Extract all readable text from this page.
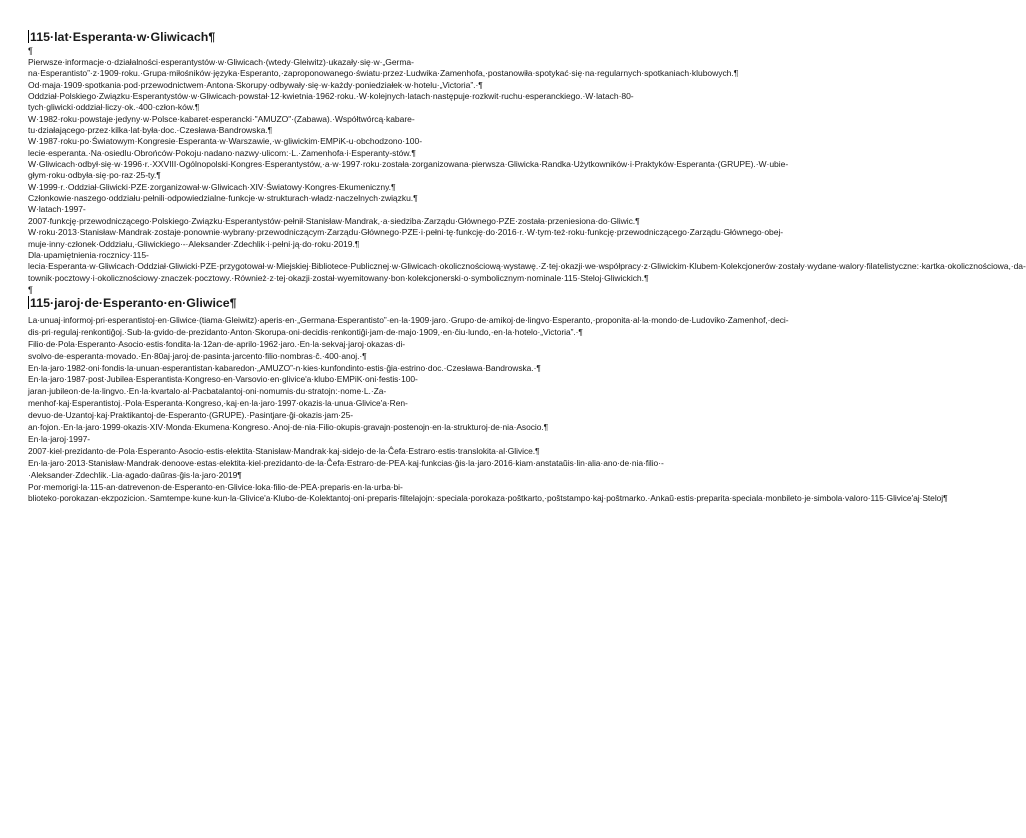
115·lat·Esperanta·w·Gliwicach¶

¶

Pierwsze·informacje·o·działalności·esperantystów·w·Gliwicach·(wtedy·Gleiwitz)·ukazały·się·w·„Germa-na·Esperantisto”·z·1909·roku.·Grupa·miłośników·języka·Esperanto,·zaproponowanego·światu·przez·Ludwika·Zamenhofa,·postanowiła·spotykać·się·na·regularnych·spotkaniach·klubowych.¶

Od·maja·1909·spotkania·pod·przewodnictwem·Antona·Skorupy·odbywały·się·w·każdy·poniedziałek·w·hotelu·„Victoria”.·¶

Oddział·Polskiego·Związku·Esperantystów·w·Gliwicach·powstał·12·kwietnia·1962·roku.·W·kolejnych·latach·następuje·rozkwit·ruchu·esperanckiego.·W·latach·80-tych·gliwicki·oddział·liczy·ok.·400·człon-ków.¶

W·1982·roku·powstaje·jedyny·w·Polsce·kabaret·esperancki·"AMUZO"·(Zabawa).·Współtwórcą·kabare-tu·działającego·przez·kilka·lat·była·doc.·Czesława·Bandrowska.¶

W·1987·roku·po·Światowym·Kongresie·Esperanta·w·Warszawie,·w·gliwickim·EMPiK-u·obchodzono·100-lecie·esperanta.·Na·osiedlu·Obrońców·Pokoju·nadano·nazwy·ulicom:·L.·Zamenhofa·i·Esperanty-stów.¶

W·Gliwicach·odbył·się·w·1996·r.·XXVIII·Ogólnopolski·Kongres·Esperantystów,·a·w·1997·roku·została·zorganizowana·pierwsza·Gliwicka·Randka·Użytkowników·i·Praktyków·Esperanta·(GRUPE).·W·ubie-głym·roku·odbyła·się·po·raz·25-ty.¶

W·1999·r.·Oddział·Gliwicki·PZE·zorganizował·w·Gliwicach·XIV·Światowy·Kongres·Ekumeniczny.¶

Członkowie·naszego·oddziału·pełnili·odpowiedzialne·funkcje·w·strukturach·władz·naczelnych·związku.¶

W·latach·1997-2007·funkcję·przewodniczącego·Polskiego·Związku·Esperantystów·pełnił·Stanisław·Mandrak,·a·siedziba·Zarządu·Głównego·PZE·została·przeniesiona·do·Gliwic.¶

W·roku·2013·Stanisław·Mandrak·zostaje·ponownie·wybrany·przewodniczącym·Zarządu·Głównego·PZE·i·pełni·tę·funkcję·do·2016·r.·W·tym·też·roku·funkcję·przewodniczącego·Zarządu·Głównego·obej-muje·inny·członek·Oddziału,·Gliwickiego·-·Aleksander·Zdechlik·i·pełni·ją·do·roku·2019.¶

Dla·upamiętnienia·rocznicy·115-lecia·Esperanta·w·Gliwicach·Oddział·Gliwicki·PZE·przygotował·w·Miejskiej·Bibliotece·Publicznej·w·Gliwicach·okolicznościową·wystawę.·Z·tej·okazji·we·współpracy·z·Gliwickim·Klubem·Kolekcjonerów·zostały·wydane·walory·filatelistyczne:·kartka·okolicznościowa,·da-townik·pocztowy·i·okolicznościowy·znaczek·pocztowy.·Również·z·tej·okazji·został·wyemitowany·bon·kolekcjonerski·o·symbolicznym·nominale·115·Steloj·Gliwickich.¶

¶

115·jaroj·de·Esperanto·en·Gliwice¶

La·unuaj·informoj·pri·esperantistoj·en·Gliwice·(tiama·Gleiwitz)·aperis·en·„Germana·Esperantisto”·en·la·1909·jaro.·Grupo·de·amikoj·de·lingvo·Esperanto,·proponita·al·la·mondo·de·Ludoviko·Zamenhof,·deci-dis·pri·regulaj·renkontiĝoj.·Sub·la·gvido·de·prezidanto·Anton·Skorupa·oni·decidis·renkontiĝi·jam·de·majo·1909,·en·ĉiu·lundo,·en·la·hotelo·„Victoria”.·¶

Filio·de·Pola·Esperanto·Asocio·estis·fondita·la·12an·de·aprilo·1962·jaro.·En·la·sekvaj·jaroj·okazas·di-svolvo·de·esperanta·movado.·En·80aj·jaroj·de·pasinta·jarcento·filio·nombras·ĉ.·400·anoj.·¶

En·la·jaro·1982·oni·fondis·la·unuan·esperantistan·kabaredon·„AMUZO”-n·kies·kunfondinto·estis·ĝia·estrino·doc.·Czesława·Bandrowska.·¶

En·la·jaro·1987·post·Jubilea·Esperantista·Kongreso·en·Varsovio·en·glivice'a·klubo·EMPiK·oni·festis·100-jaran·jubileon·de·la·lingvo.·En·la·kvartalo·al·Pacbatalantoj·oni·nomumis·du·stratojn:·nome·L.·Za-menhof·kaj·Esperantistoj.·Pola·Esperanta·Kongreso,·kaj·en·la·jaro·1997·okazis·la·unua·Glivice'a·Ren-devuo·de·Uzantoj·kaj·Praktikantoj·de·Esperanto·(GRUPE).·Pasintjare·ĝi·okazis·jam·25-an·fojon.·En·la·jaro·1999·okazis·XIV·Monda·Ekumena·Kongreso.·Anoj·de·nia·Filio·okupis·gravajn·postenojn·en·la·strukturoj·de·nia·Asocio.¶

En·la·jaroj·1997-2007·kiel·prezidanto·de·Pola·Esperanto·Asocio·estis·elektita·Stanisław·Mandrak·kaj·sidejo·de·la·Ĉefa·Estraro·estis·translokita·al·Glivice.¶

En·la·jaro·2013·Stanisław·Mandrak·denoove·estas·elektita·kiel·prezidanto·de·la·Ĉefa·Estraro·de·PEA·kaj·funkcias·ĝis·la·jaro·2016·kiam·anstataŭis·lin·alia·ano·de·nia·filio·-·Aleksander·Zdechlik.·Lia·agado·daŭras·ĝis·la·jaro·2019¶

Por·memorigi·la·115-an·datrevenon·de·Esperanto·en·Glivice·loka·filio·de·PEA·preparis·en·la·urba·bi-blioteko·porokazan·ekzpozicion.·Samtempe·kune·kun·la·Glivice'a·Klubo·de·Kolektantoj·oni·preparis·filtelajojn:·speciala·porokaza·poŝtkarto,·poŝtstampo·kaj·poŝtmarko.·Ankaŭ·estis·preparita·speciala·monbileto·je·simbola·valoro·115·Glivice'aj·Steloj¶
